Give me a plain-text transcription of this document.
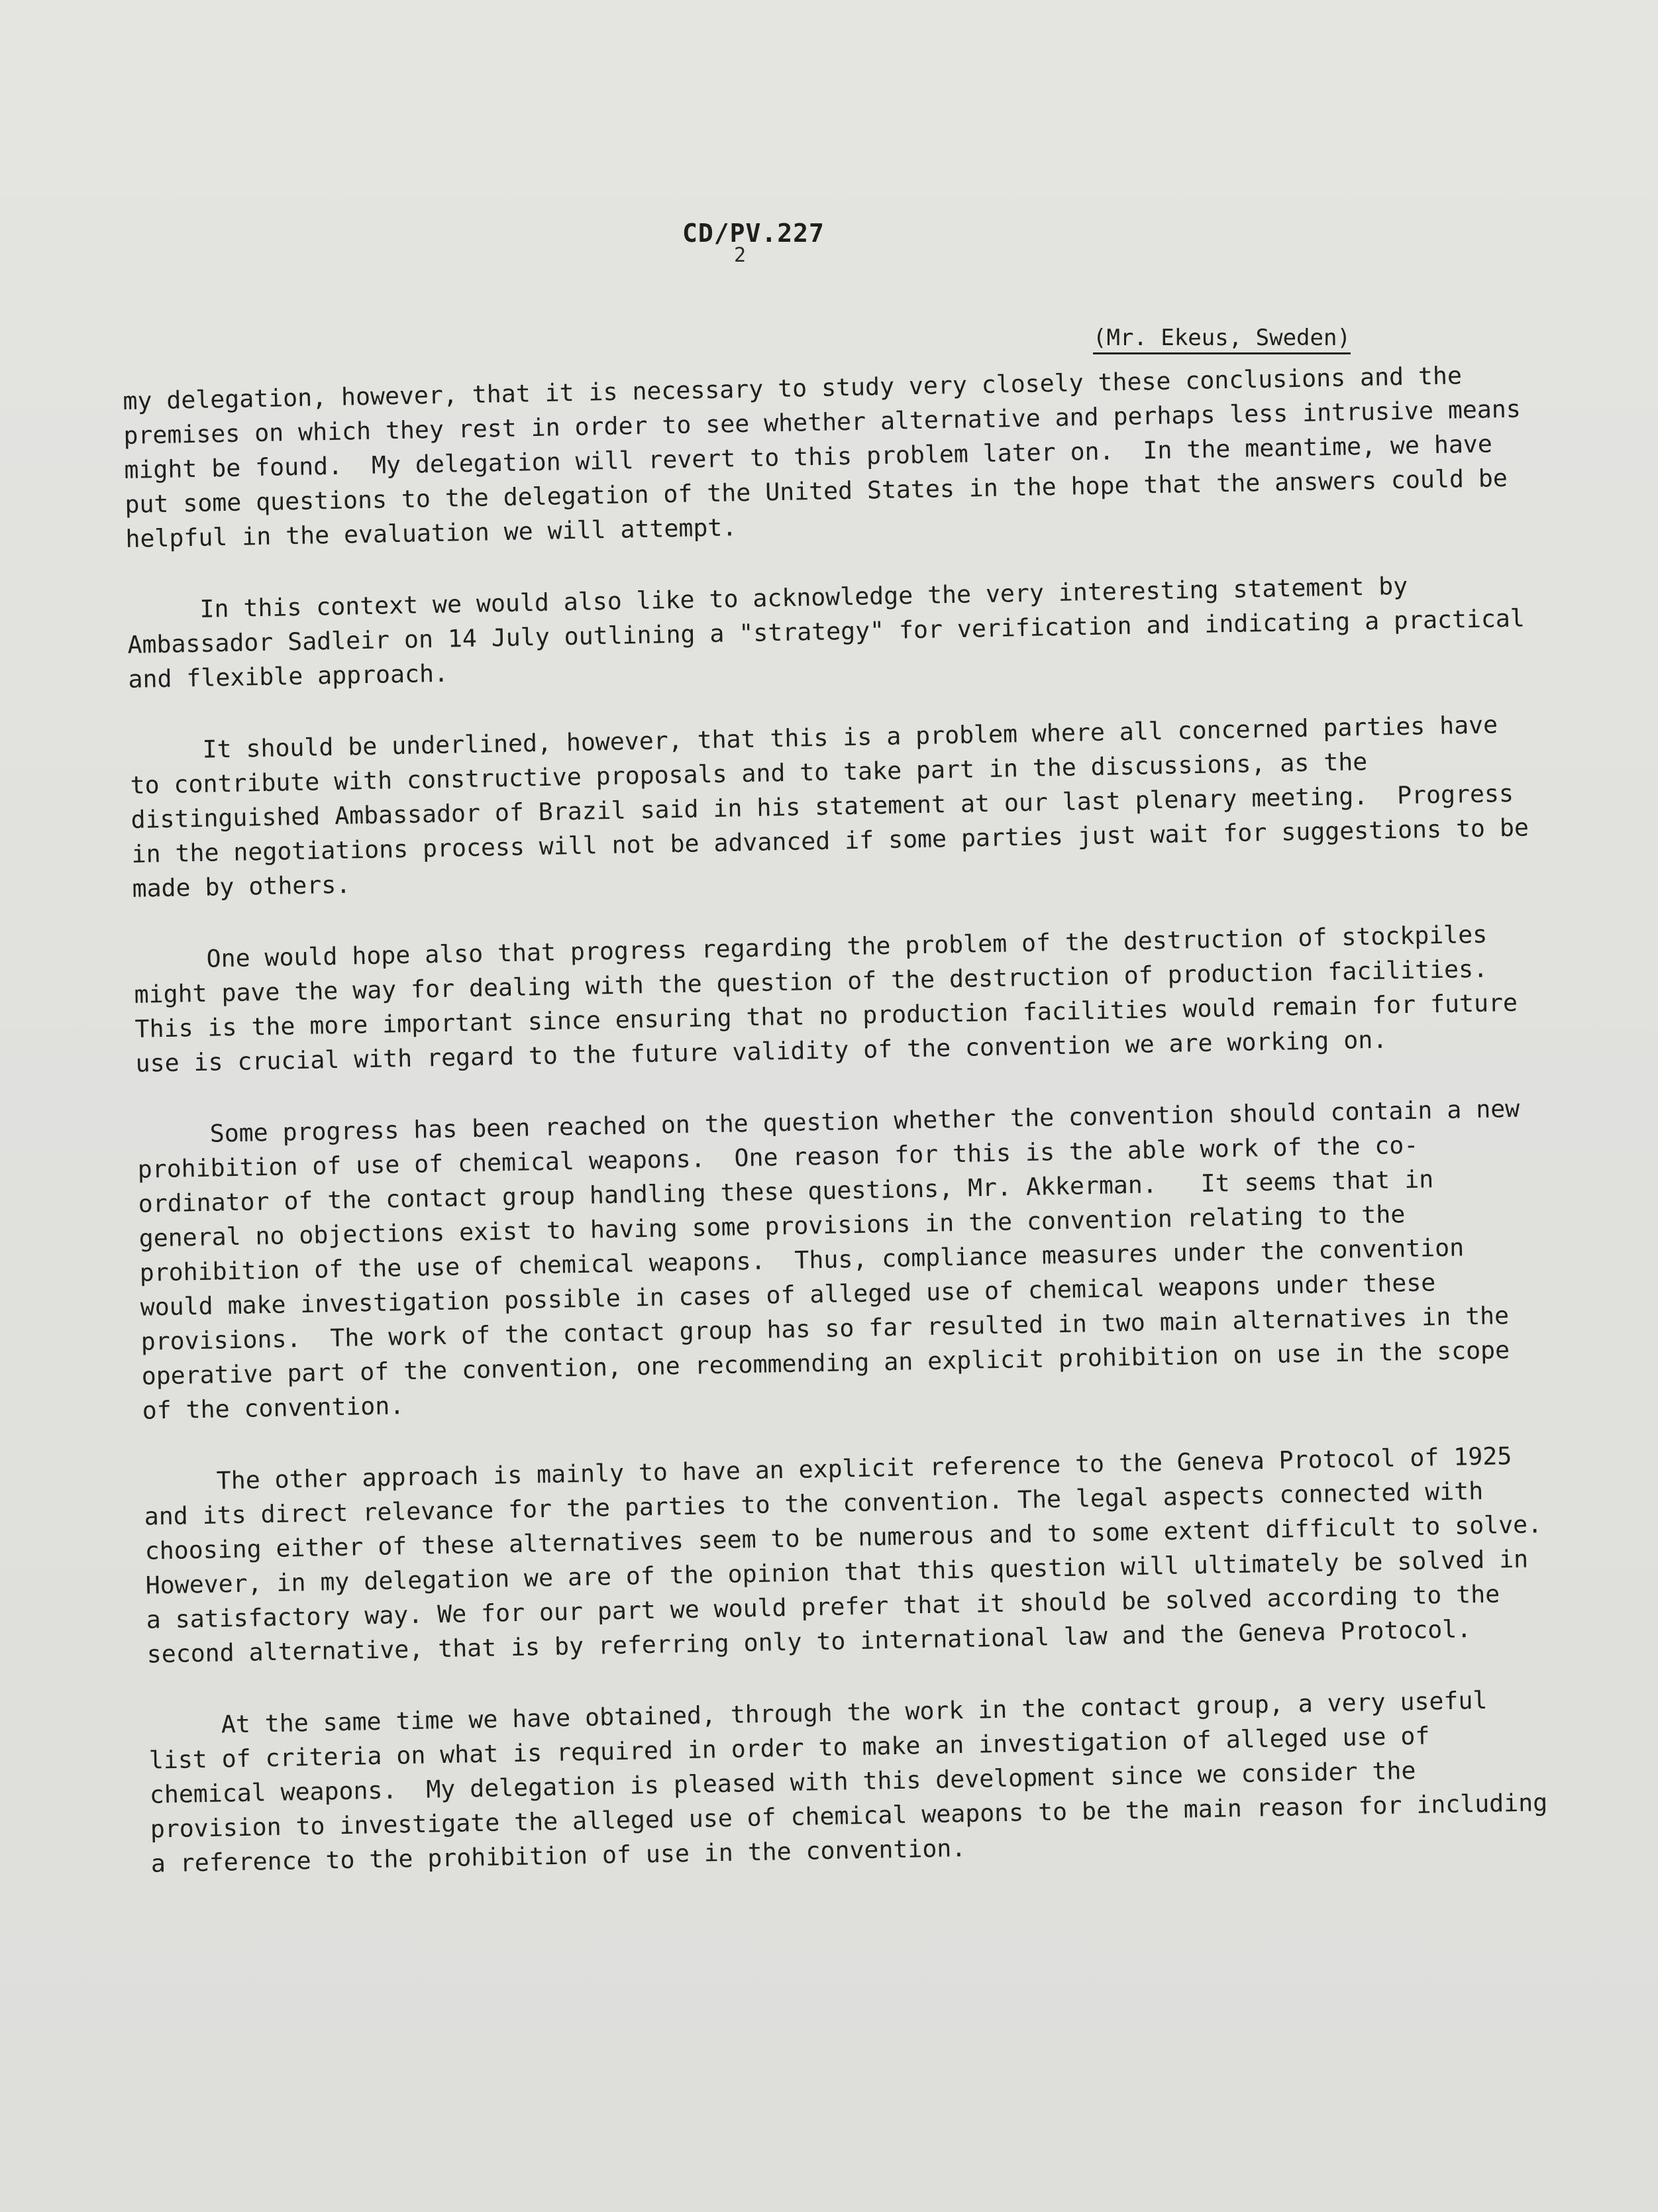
CD/PV.227
2
(Mr. Ekeus, Sweden)

my delegation, however, that it is necessary to study very closely these conclusions and the premises on which they rest in order to see whether alternative and perhaps less intrusive means might be found.  My delegation will revert to this problem later on.  In the meantime, we have put some questions to the delegation of the United States in the hope that the answers could be helpful in the evaluation we will attempt.

In this context we would also like to acknowledge the very interesting statement by Ambassador Sadleir on 14 July outlining a "strategy" for verification and indicating a practical and flexible approach.

It should be underlined, however, that this is a problem where all concerned parties have to contribute with constructive proposals and to take part in the discussions, as the distinguished Ambassador of Brazil said in his statement at our last plenary meeting.  Progress in the negotiations process will not be advanced if some parties just wait for suggestions to be made by others.

One would hope also that progress regarding the problem of the destruction of stockpiles might pave the way for dealing with the question of the destruction of production facilities.  This is the more important since ensuring that no production facilities would remain for future use is crucial with regard to the future validity of the convention we are working on.

Some progress has been reached on the question whether the convention should contain a new prohibition of use of chemical weapons.  One reason for this is the able work of the co-ordinator of the contact group handling these questions, Mr. Akkerman.   It seems that in general no objections exist to having some provisions in the convention relating to the prohibition of the use of chemical weapons.  Thus, compliance measures under the convention would make investigation possible in cases of alleged use of chemical weapons under these provisions.  The work of the contact group has so far resulted in two main alternatives in the operative part of the convention, one recommending an explicit prohibition on use in the scope of the convention.

The other approach is mainly to have an explicit reference to the Geneva Protocol of 1925 and its direct relevance for the parties to the convention. The legal aspects connected with choosing either of these alternatives seem to be numerous and to some extent difficult to solve.  However, in my delegation we are of the opinion that this question will ultimately be solved in a satisfactory way. We for our part we would prefer that it should be solved according to the second alternative, that is by referring only to international law and the Geneva Protocol.

At the same time we have obtained, through the work in the contact group, a very useful list of criteria on what is required in order to make an investigation of alleged use of chemical weapons.  My delegation is pleased with this development since we consider the provision to investigate the alleged use of chemical weapons to be the main reason for including a reference to the prohibition of use in the convention.
